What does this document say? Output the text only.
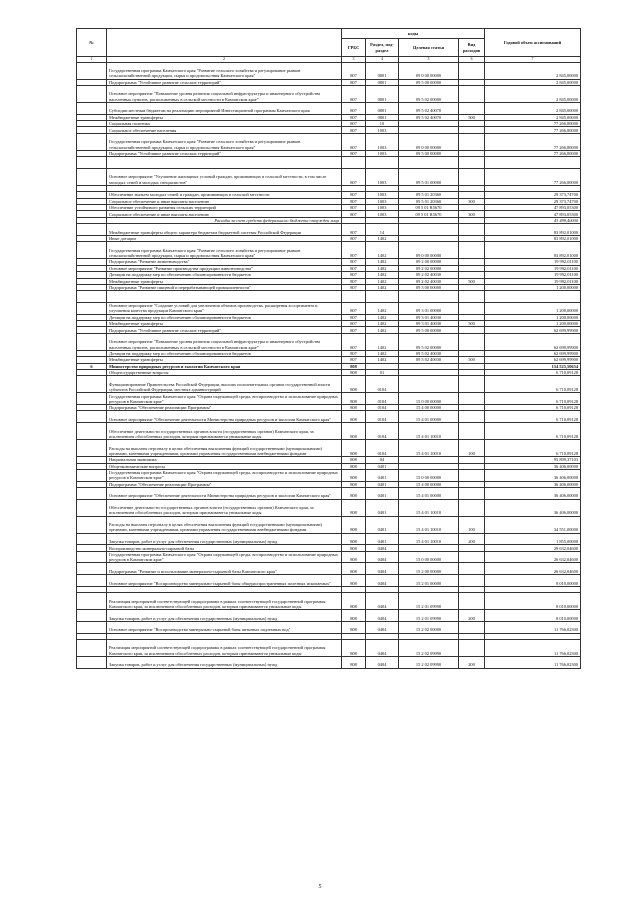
№		коды				Годовой объем ассигнований
		ГРБС	Раздел, под- раздел	Целевая статья	Вид расходов	
1	2	3	4	5	6	7
	Государственная программа Камчатского края "Развитие сельского хозяйства и регулирование рынков сельскохозяйственной продукции, сырья и продовольствия Камчатского края"	807	0801	09 0 00 00000		2 845,00000
	Подпрограмма "Устойчивое развитие сельских территорий"	807	0801	09 5 00 00000		2 845,00000
	Основное мероприятие "Повышение уровня развития социальной инфраструктуры и инженерного обустройства населенных пунктов, расположенных в сельской местности в Камчатском крае"	807	0801	09 5 02 00000		2 845,00000
	Субсидии местным бюджетам на реализацию мероприятий Инвестиционной программы Камчатского края	807	0801	09 5 02 40070		2 845,00000
	Межбюджетные трансферты	807	0801	09 5 02 40070	500	2 845,00000
	Социальная политика	807	10			77 266,80000
	Социальное обеспечение населения	807	1003			77 266,80000
	Государственная программа Камчатского края "Развитие сельского хозяйства и регулирование рынков сельскохозяйственной продукции, сырья и продовольствия Камчатского края"	807	1003	09 0 00 00000		77 266,80000
	Подпрограмма "Устойчивое развитие сельских территорий"	807	1003	09 5 00 00000		77 266,80000

	Основное мероприятие "Улучшение жилищных условий граждан, проживающих в сельской местности, в том числе молодых семей и молодых специалистов"	807	1003	09 5 01 00000		77 266,80000

	Обеспечение жильем молодых семей и граждан, проживающих в сельской местности	807	1003	09 5 01 20360		29 373,74700
	Социальное обеспечение и иные выплаты населению	807	1003	09 5 01 20360	300	29 373,74700
	Обеспечение устойчивого развития сельских территорий	807	1003	09 5 01 R5670		47 893,05300
	Социальное обеспечение и иные выплаты населению	807	1003	09 5 01 R5670	300	47 893,05300
	Расходы за счет средств федерального бюджета отчужден лица					43 498,40000
	Межбюджетные трансферты общего характера бюджетам бюджетной системы Российской Федерации	807	14			83 892,01000
	Иные дотации	807	1402			83 892,01000
	Государственная программа Камчатского края "Развитие сельского хозяйства и регулирование рынков сельскохозяйственной продукции, сырья и продовольствия Камчатского края"	807	1402	09 0 00 00000		83 892,01000
	Подпрограмма "Развитие животноводства"	807	1402	09 2 00 00000		19 992,01100
	Основное мероприятие "Развитие производства продукции животноводства"	807	1402	09 2 02 00000		19 992,01100
	Дотации на поддержку мер по обеспечению сбалансированности бюджетов	807	1402	09 2 02 40030		19 992,01100
	Межбюджетные трансферты	807	1402	09 2 02 40030	500	19 992,01100
	Подпрограмма "Развитие пищевой и перерабатывающей промышленности"	807	1402	09 3 00 00000		1 200,00000

	Основное мероприятие "Создание условий для увеличения объемов производства, расширения ассортимента и улучшения качества продукции Камчатского края"	807	1402	09 3 01 00000		1 200,00000
	Дотации на поддержку мер по обеспечению сбалансированности бюджетов	807	1402	09 3 01 40030		1 200,00000
	Межбюджетные трансферты	807	1402	09 3 01 40030	500	1 200,00000
	Подпрограмма "Устойчивое развитие сельских территорий"	807	1402	09 5 00 00000		62 699,99900
	Основное мероприятие "Повышение уровня развития социальной инфраструктуры и инженерного обустройства населенных пунктов, расположенных в сельской местности в Камчатском крае"	807	1402	09 5 02 00000		62 699,99900
	Дотации на поддержку мер по обеспечению сбалансированности бюджетов	807	1402	09 5 02 40030		62 699,99900
	Межбюджетные трансферты	807	1402	09 5 02 40030	500	62 699,99900
6	Министерство природных ресурсов и экологии Камчатского края	808				154 525,50654
	Общегосударственные вопросы	808	01			6 710,09128
	Функционирование Правительства Российской Федерации, высших исполнительных органов государственной власти субъектов Российской Федерации, местных администраций	808	0104			6 710,09128
	Государственная программа Камчатского края "Охрана окружающей среды, воспроизводство и использование природных ресурсов в Камчатском крае"	808	0104	15 0 00 00000		6 710,09128
	Подпрограмма "Обеспечение реализации Программы"	808	0104	15 4 00 00000		6 710,09128
	Основное мероприятие "Обеспечение деятельности Министерства природных ресурсов и экологии Камчатского края"	808	0104	15 4 01 00000		6 710,09128
	Обеспечение деятельности государственных органов власти (государственных органов) Камчатского края, за исключением обособленных расходов, которым присваиваются уникальные коды	808	0104	15 4 01 10010		6 710,09128
	Расходы на выплаты персоналу в целях обеспечения выполнения функций государственными (муниципальными) органами, казенными учреждениями, органами управления государственными внебюджетными фондами	808	0104	15 4 01 10010	100	6 710,09128
	Национальная экономика	808	04			95 899,37103
	Общеэкономические вопросы	808	0401			36 406,00000
	Государственная программа Камчатского края "Охрана окружающей среды, воспроизводство и использование природных ресурсов в Камчатском крае"	808	0401	15 0 00 00000		36 406,00000
	Подпрограмма "Обеспечение реализации Программы"	808	0401	15 4 00 00000		36 406,00000
	Основное мероприятие "Обеспечение деятельности Министерства природных ресурсов и экологии Камчатского края"	808	0401	15 4 01 00000		36 406,00000
	Обеспечение деятельности государственных органов власти (государственных органов) Камчатского края, за исключением обособленных расходов, которым присваиваются уникальные коды	808	0401	15 4 01 10010		36 406,00000
	Расходы на выплаты персоналу в целях обеспечения выполнения функций государственными (муниципальными) органами, казенными учреждениями, органами управления государственными внебюджетными фондами	808	0401	15 4 01 10010	100	34 551,00000
	Закупка товаров, работ и услуг для обеспечения государственных (муниципальных) нужд	808	0401	15 4 01 10010	200	1 855,00000
	Воспроизводство минерально-сырьевой базы	808	0404			29 632,04600
	Государственная программа Камчатского края "Охрана окружающей среды, воспроизводство и использование природных ресурсов в Камчатском крае"	808	0404	15 0 00 00000		26 632,04600
	Подпрограмма "Развитие и использование минерально-сырьевой базы Камчатского края"	808	0404	15 2 00 00000		26 632,04600
	Основное мероприятие "Воспроизводство минерально-сырьевой базы общераспространенных полезных ископаемых"	808	0404	15 2 01 00000		8 010,00000

	Реализация мероприятий соответствующей подпрограммы в рамках соответствующей государственной программы Камчатского края, за исключением обособленных расходов, которым присваиваются уникальные коды	808	0404	15 2 01 09990		8 010,00000
	Закупка товаров, работ и услуг для обеспечения государственных (муниципальных) нужд	808	0404	15 2 01 09990	200	8 010,00000
	Основное мероприятие "Воспроизводство минерально-сырьевой базы питьевых подземных вод"	808	0404	15 2 02 00000		11 766,02300

	Реализация мероприятий соответствующей подпрограммы в рамках соответствующей государственной программы Камчатского края, за исключением обособленных расходов, которым присваиваются уникальные коды	808	0404	15 2 02 09990		11 766,02300
	Закупка товаров, работ и услуг для обеспечения государственных (муниципальных) нужд	808	0404	15 2 02 09990	200	11 766,02300
5
